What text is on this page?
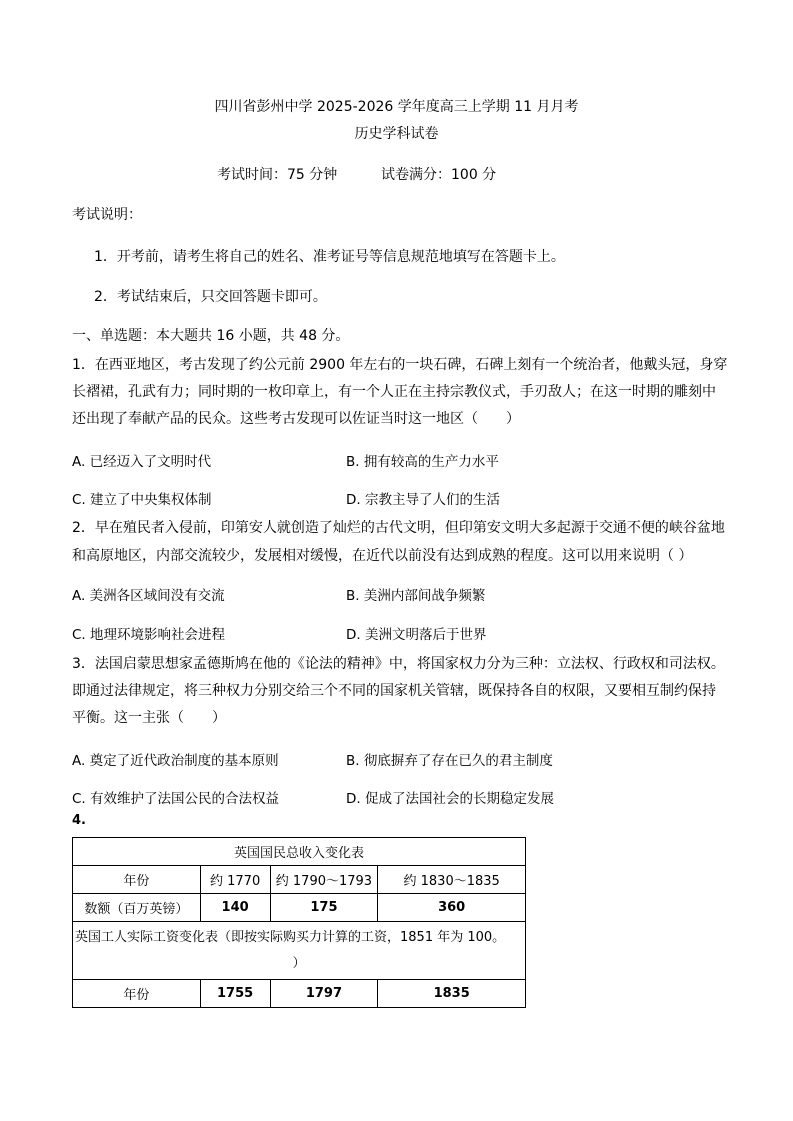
四川省彭州中学 2025-2026 学年度高三上学期 11 月月考
历史学科试卷
考试时间：75 分钟	试卷满分：100 分
考试说明：
1．开考前，请考生将自己的姓名、准考证号等信息规范地填写在答题卡上。
2．考试结束后，只交回答题卡即可。
一、单选题：本大题共 16 小题，共 48 分。
1．在西亚地区，考古发现了约公元前 2900 年左右的一块石碑，石碑上刻有一个统治者，他戴头冠，身穿
长褶裙，孔武有力；同时期的一枚印章上，有一个人正在主持宗教仪式，手刃敌人；在这一时期的雕刻中
还出现了奉献产品的民众。这些考古发现可以佐证当时这一地区（　　）
A. 已经迈入了文明时代	B. 拥有较高的生产力水平
C. 建立了中央集权体制	D. 宗教主导了人们的生活
2．早在殖民者入侵前，印第安人就创造了灿烂的古代文明，但印第安文明大多起源于交通不便的峡谷盆地
和高原地区，内部交流较少，发展相对缓慢，在近代以前没有达到成熟的程度。这可以用来说明（ ）
A. 美洲各区域间没有交流	B. 美洲内部间战争频繁
C. 地理环境影响社会进程	D. 美洲文明落后于世界
3．法国启蒙思想家孟德斯鸠在他的《论法的精神》中，将国家权力分为三种：立法权、行政权和司法权。
即通过法律规定，将三种权力分别交给三个不同的国家机关管辖，既保持各自的权限，又要相互制约保持
平衡。这一主张（　　）
A. 奠定了近代政治制度的基本原则	B. 彻底摒弃了存在已久的君主制度
C. 有效维护了法国公民的合法权益	D. 促成了法国社会的长期稳定发展
4.
英国国民总收入变化表			
年份	约 1770	约 1790～1793	约 1830～1835
数额（百万英镑）	140	175	360

英国工人实际工资变化表（即按实际购买力计算的工资，1851 年为 100。
）			

年份	1755	1797	1835
